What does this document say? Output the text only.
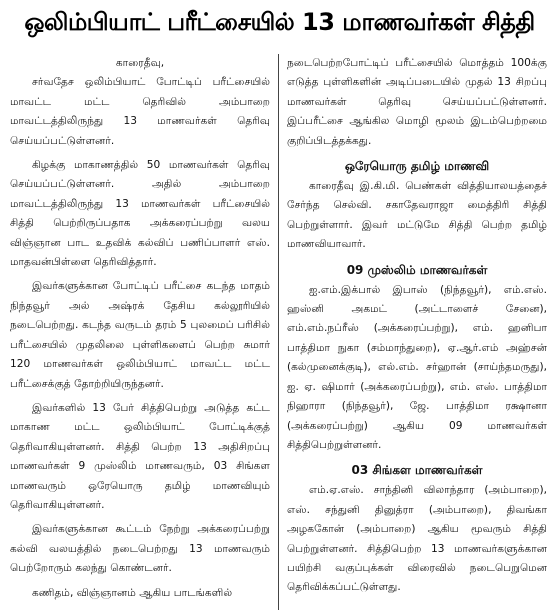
ஒலிம்பியாட் பரீட்சையில் 13 மாணவர்கள் சித்தி

காரைதீவு,

சர்வதேச ஒலிம்பியாட் போட்டிப் பரீட்சையில் மாவட்ட மட்ட தெரிவில் அம்பாறை மாவட்டத்திலிருந்து 13 மாணவர்கள் தெரிவு செய்யப்பட்டுள்ளனர்.

கிழக்கு மாகாணத்தில் 50 மாணவர்கள் தெரிவு செய்யப்பட்டுள்ளனர். அதில் அம்பாறை மாவட்டத்திலிருந்து 13 மாணவர்கள் பரீட்சையில் சித்தி பெற்றிருப்பதாக அக்கரைப்பற்று வலய விஞ்ஞான பாட உதவிக் கல்விப் பணிப்பாளர் எஸ். மாதவன்பிள்ளை தெரிவித்தார்.

இவர்களுக்கான போட்டிப் பரீட்சை கடந்த மாதம் நிந்தவூர் அல் அஷ்ரக் தேசிய கல்லூரியில் நடைபெற்றது. கடந்த வருடம் தரம் 5 புலமைப் பரிசில் பரீட்சையில் முதலிலை புள்ளிகளைப் பெற்ற சுமார் 120 மாணவர்கள் ஒலிம்பியாட் மாவட்ட மட்ட பரீட்சைக்குத் தோற்றியிருந்தனர்.

இவர்களில் 13 பேர் சித்திபெற்று அடுத்த கட்ட மாகாண மட்ட ஒலிம்பியாட் போட்டிக்குத் தெரிவாகியுள்ளனர். சித்தி பெற்ற 13 அதிசிறப்பு மாணவர்கள் 9 முஸ்லிம் மாணவரும், 03 சிங்கள மாணவரும் ஒரேயொரு தமிழ் மாணவியும் தெரிவாகியுள்ளனர்.

இவர்களுக்கான கூட்டம் நேற்று அக்கரைப்பற்று கல்வி வலயத்தில் நடைபெற்றது 13 மாணவரும் பெற்றோரும் கலந்து கொண்டனர்.

கணிதம், விஞ்ஞானம் ஆகிய பாடங்களில்

நடைபெற்றபோட்டிப் பரீட்சையில் மொத்தம் 100க்கு எடுத்த புள்ளிகளின் அடிப்படையில் முதல் 13 சிறப்பு மாணவர்கள் தெரிவு செய்யப்பட்டுள்ளனர். இப்பரீட்சை ஆங்கில மொழி மூலம் இடம்பெற்றமை குறிப்பிடத்தக்கது.

ஒரேயொரு தமிழ் மாணவி

காரைதீவு இ.கி.மி. பெண்கள் வித்தியாலயத்தைச் சேர்ந்த செல்வி. சகாதேவராஜா மைத்திரி சித்தி பெற்றுள்ளார். இவர் மட்டுமே சித்தி பெற்ற தமிழ் மாணவியாவார்.

09 முஸ்லிம் மாணவர்கள்

ஐ.எம்.இக்பால் இபாஸ் (நிந்தவூர்), எம்.எஸ். ஹஸ்னி அகமட் (அட்டாளைச் சேனை), எம்.எம்.நப்ரீஸ் (அக்கரைப்பற்று), எம். ஹனிபா பாத்திமா நுகா (சம்மாந்துறை), ஏ.ஆர்.எம் அஹ்சன் (கல்முனைக்குடி), எல்.எம். சர்ஹான் (சாய்ந்தமருது), ஐ. ஏ. ஷிமார் (அக்கரைப்பற்று), எம். எஸ். பாத்திமா நிஹாரா (நிந்தவூர்), ஜே. பாத்திமா ரக்ஷானா (அக்கரைப்பற்று) ஆகிய 09 மாணவர்கள் சித்திபெற்றுள்ளனர்.

03 சிங்கள மாணவர்கள்

எம்.ஏ.எஸ். சாந்தினி விலாந்தார (அம்பாறை), எஸ். சந்துனி தினுத்ரா (அம்பாறை), திவங்கா அழககோன் (அம்பாறை) ஆகிய மூவரும் சித்தி பெற்றுள்ளனர். சித்திபெற்ற 13 மாணவர்களுக்கான பயிற்சி வகுப்புக்கள் விரைவில் நடைபெறுமென தெரிவிக்கப்பட்டுள்ளது.
